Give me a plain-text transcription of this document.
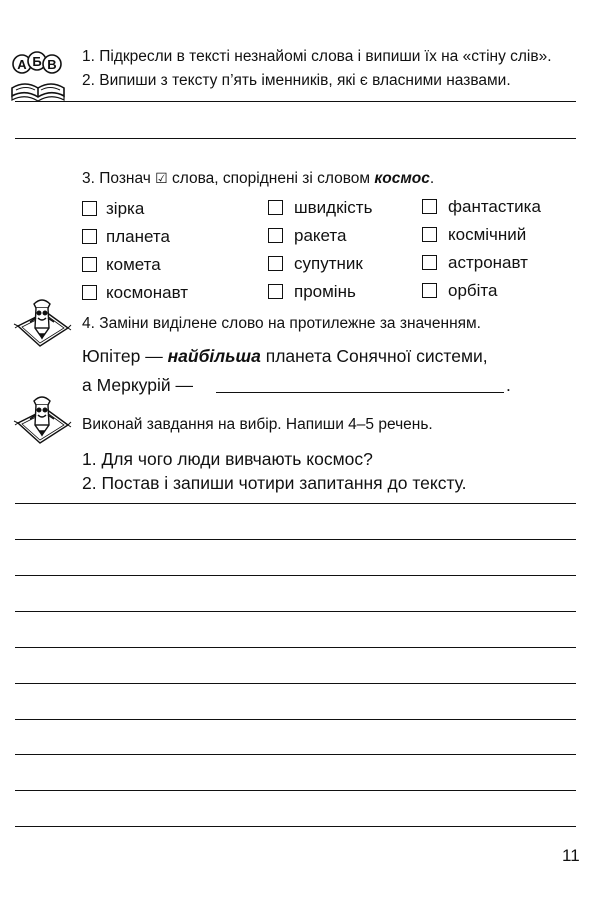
А Б В 1. Підкресли в тексті незнайомі слова і випиши їх на «стіну слів».
2. Випиши з тексту п’ять іменників, які є власними назвами.
3. Познач ☑ слова, споріднені зі словом космос.
зірка	швидкість	фантастика
планета	ракета	космічний
комета	супутник	астронавт
космонавт	промінь	орбіта
4. Заміни виділене слово на протилежне за значенням.
Юпітер — найбільша планета Сонячної системи,
а Меркурій —	.
Виконай завдання на вибір. Напиши 4–5 речень.
1. Для чого люди вивчають космос?
2. Постав і запиши чотири запитання до тексту.
11
